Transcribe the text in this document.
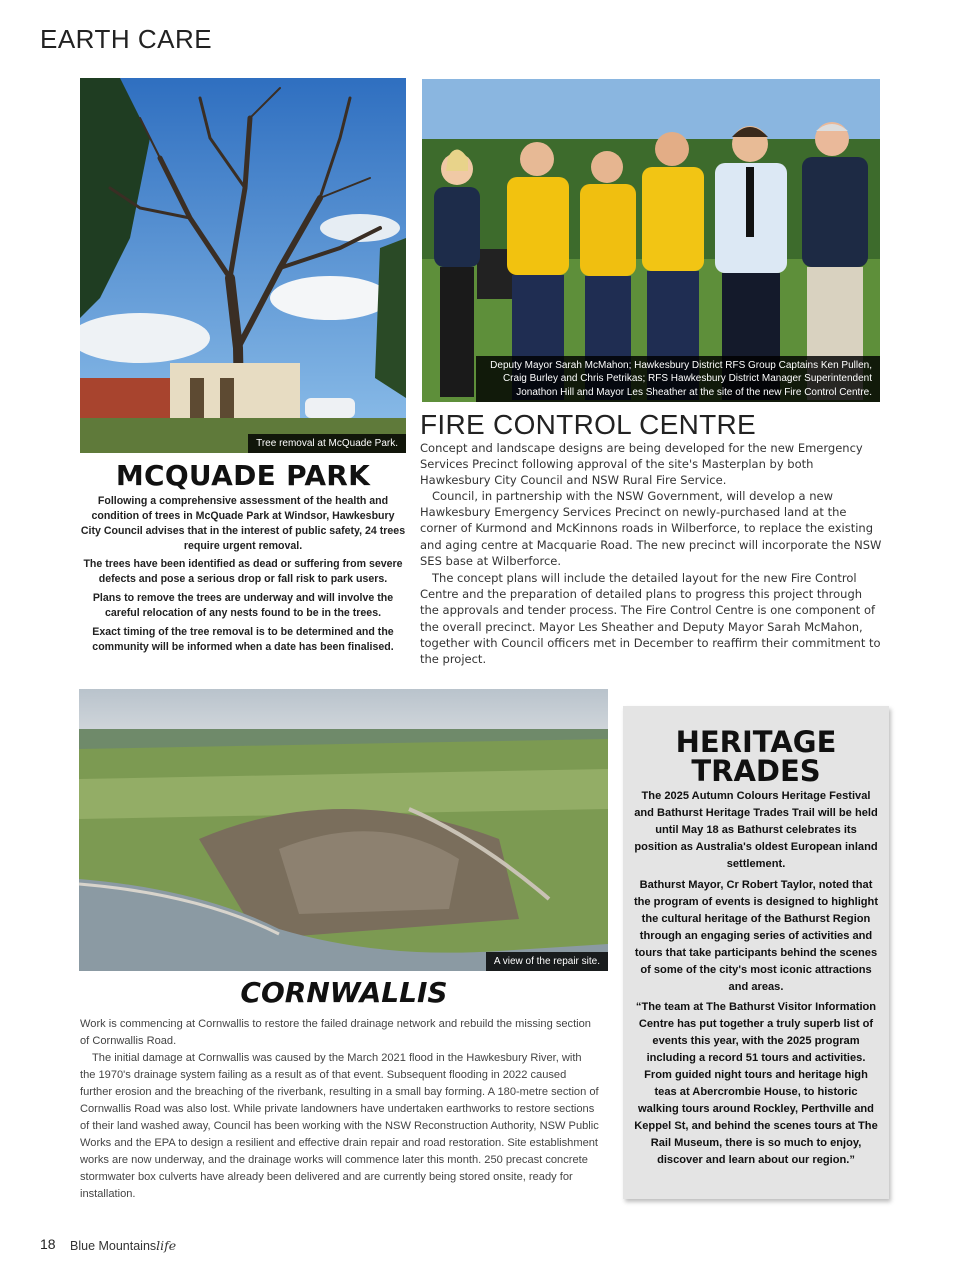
EARTH CARE
Tree removal at McQuade Park.
MCQUADE PARK

Following a comprehensive assessment of the health and condition of trees in McQuade Park at Windsor, Hawkesbury City Council advises that in the interest of public safety, 24 trees require urgent removal.

The trees have been identified as dead or suffering from severe defects and pose a serious drop or fall risk to park users.

Plans to remove the trees are underway and will involve the careful relocation of any nests found to be in the trees.

Exact timing of the tree removal is to be determined and the community will be informed when a date has been finalised.

Deputy Mayor Sarah McMahon; Hawkesbury District RFS Group Captains Ken Pullen, Craig Burley and Chris Petrikas; RFS Hawkesbury District Manager Superintendent Jonathon Hill and Mayor Les Sheather at the site of the new Fire Control Centre.
FIRE CONTROL CENTRE

Concept and landscape designs are being developed for the new Emergency Services Precinct following approval of the site's Masterplan by both Hawkesbury City Council and NSW Rural Fire Service.

Council, in partnership with the NSW Government, will develop a new Hawkesbury Emergency Services Precinct on newly-purchased land at the corner of Kurmond and McKinnons roads in Wilberforce, to replace the existing and aging centre at Macquarie Road. The new precinct will incorporate the NSW SES base at Wilberforce.

The concept plans will include the detailed layout for the new Fire Control Centre and the preparation of detailed plans to progress this project through the approvals and tender process. The Fire Control Centre is one component of the overall precinct. Mayor Les Sheather and Deputy Mayor Sarah McMahon, together with Council officers met in December to reaffirm their commitment to the project.

A view of the repair site.
CORNWALLIS

Work is commencing at Cornwallis to restore the failed drainage network and rebuild the missing section of Cornwallis Road.

The initial damage at Cornwallis was caused by the March 2021 flood in the Hawkesbury River, with the 1970's drainage system failing as a result as of that event. Subsequent flooding in 2022 caused further erosion and the breaching of the riverbank, resulting in a small bay forming. A 180-metre section of Cornwallis Road was also lost. While private landowners have undertaken earthworks to restore sections of their land washed away, Council has been working with the NSW Reconstruction Authority, NSW Public Works and the EPA to design a resilient and effective drain repair and road restoration. Site establishment works are now underway, and the drainage works will commence later this month. 250 precast concrete stormwater box culverts have already been delivered and are currently being stored onsite, ready for installation.

HERITAGE
TRADES

The 2025 Autumn Colours Heritage Festival and Bathurst Heritage Trades Trail will be held until May 18 as Bathurst celebrates its position as Australia's oldest European inland settlement.

Bathurst Mayor, Cr Robert Taylor, noted that the program of events is designed to highlight the cultural heritage of the Bathurst Region through an engaging series of activities and tours that take participants behind the scenes of some of the city's most iconic attractions and areas.

“The team at The Bathurst Visitor Information Centre has put together a truly superb list of events this year, with the 2025 program including a record 51 tours and activities. From guided night tours and heritage high teas at Abercrombie House, to historic walking tours around Rockley, Perthville and Keppel St, and behind the scenes tours at The Rail Museum, there is so much to enjoy, discover and learn about our region.”

18 Blue Mountainslife
